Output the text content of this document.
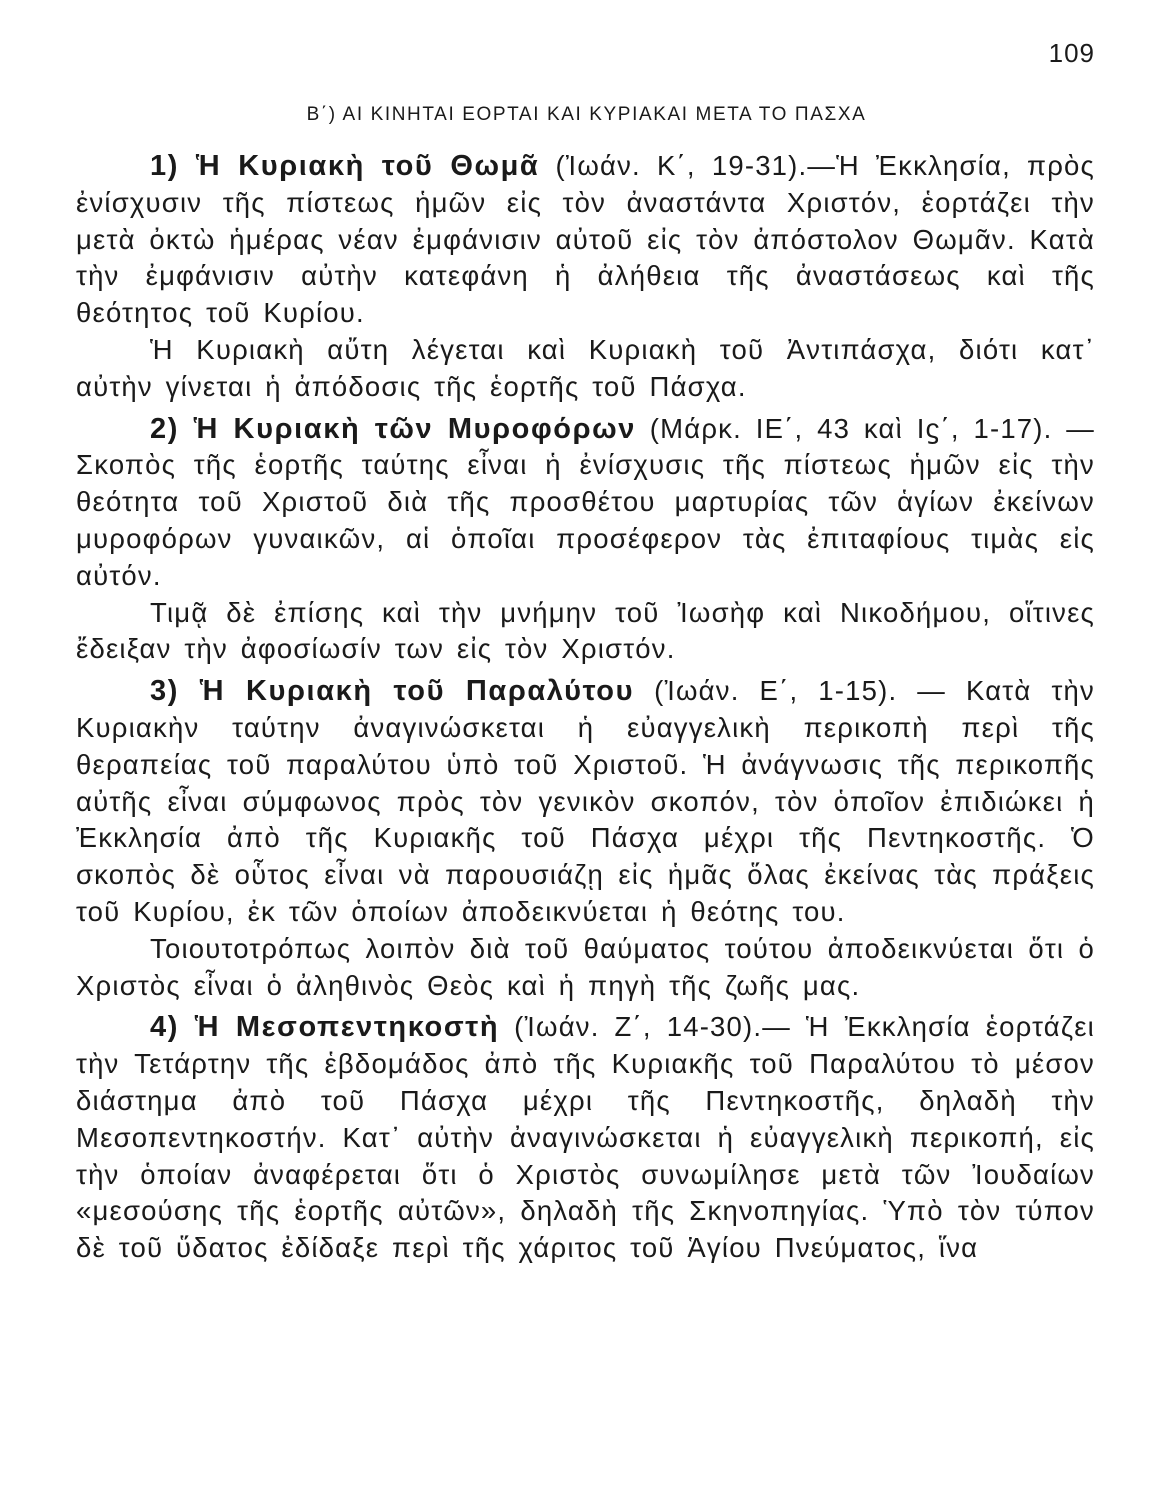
109
Β΄) ΑΙ ΚΙΝΗΤΑΙ ΕΟΡΤΑΙ ΚΑΙ ΚΥΡΙΑΚΑΙ ΜΕΤΑ ΤΟ ΠΑΣΧΑ

1) Ἡ Κυριακὴ τοῦ Θωμᾶ (Ἰωάν. Κ΄, 19-31).—Ἡ Ἐκκλησία, πρὸς ἐνίσχυσιν τῆς πίστεως ἡμῶν εἰς τὸν ἀναστάντα Χριστόν, ἑορτάζει τὴν μετὰ ὀκτὼ ἡμέρας νέαν ἐμφάνισιν αὐτοῦ εἰς τὸν ἀπόστολον Θωμᾶν. Κατὰ τὴν ἐμφάνισιν αὐτὴν κατεφάνη ἡ ἀλήθεια τῆς ἀναστάσεως καὶ τῆς θεότητος τοῦ Κυρίου.

Ἡ Κυριακὴ αὔτη λέγεται καὶ Κυριακὴ τοῦ Ἀντιπάσχα, διότι κατ᾿ αὐτὴν γίνεται ἡ ἀπόδοσις τῆς ἑορτῆς τοῦ Πάσχα.

2) Ἡ Κυριακὴ τῶν Μυροφόρων (Μάρκ. ΙΕ΄, 43 καὶ Ιϛ΄, 1-17). — Σκοπὸς τῆς ἑορτῆς ταύτης εἶναι ἡ ἐνίσχυσις τῆς πίστεως ἡμῶν εἰς τὴν θεότητα τοῦ Χριστοῦ διὰ τῆς προσθέτου μαρτυρίας τῶν ἁγίων ἐκείνων μυροφόρων γυναικῶν, αἱ ὁποῖαι προσέφερον τὰς ἐπιταφίους τιμὰς εἰς αὐτόν.

Τιμᾷ δὲ ἐπίσης καὶ τὴν μνήμην τοῦ Ἰωσὴφ καὶ Νικοδήμου, οἵτινες ἔδειξαν τὴν ἀφοσίωσίν των εἰς τὸν Χριστόν.

3) Ἡ Κυριακὴ τοῦ Παραλύτου (Ἰωάν. Ε΄, 1-15). — Κατὰ τὴν Κυριακὴν ταύτην ἀναγινώσκεται ἡ εὐαγγελικὴ περικοπὴ περὶ τῆς θεραπείας τοῦ παραλύτου ὑπὸ τοῦ Χριστοῦ. Ἡ ἀνάγνωσις τῆς περικοπῆς αὐτῆς εἶναι σύμφωνος πρὸς τὸν γενικὸν σκοπόν, τὸν ὁποῖον ἐπιδιώκει ἡ Ἐκκλησία ἀπὸ τῆς Κυριακῆς τοῦ Πάσχα μέχρι τῆς Πεντηκοστῆς. Ὁ σκοπὸς δὲ οὗτος εἶναι νὰ παρουσιάζῃ εἰς ἡμᾶς ὅλας ἐκείνας τὰς πράξεις τοῦ Κυρίου, ἐκ τῶν ὁποίων ἀποδεικνύεται ἡ θεότης του.

Τοιουτοτρόπως λοιπὸν διὰ τοῦ θαύματος τούτου ἀποδεικνύεται ὅτι ὁ Χριστὸς εἶναι ὁ ἀληθινὸς Θεὸς καὶ ἡ πηγὴ τῆς ζωῆς μας.

4) Ἡ Μεσοπεντηκοστὴ (Ἰωάν. Ζ΄, 14-30).— Ἡ Ἐκκλησία ἑορτάζει τὴν Τετάρτην τῆς ἑβδομάδος ἀπὸ τῆς Κυριακῆς τοῦ Παραλύτου τὸ μέσον διάστημα ἀπὸ τοῦ Πάσχα μέχρι τῆς Πεντηκοστῆς, δηλαδὴ τὴν Μεσοπεντηκοστήν. Κατ᾿ αὐτὴν ἀναγινώσκεται ἡ εὐαγγελικὴ περικοπή, εἰς τὴν ὁποίαν ἀναφέρεται ὅτι ὁ Χριστὸς συνωμίλησε μετὰ τῶν Ἰουδαίων «μεσούσης τῆς ἑορτῆς αὐτῶν», δηλαδὴ τῆς Σκηνοπηγίας. Ὑπὸ τὸν τύπον δὲ τοῦ ὕδατος ἐδίδαξε περὶ τῆς χάριτος τοῦ Ἁγίου Πνεύματος, ἵνα
